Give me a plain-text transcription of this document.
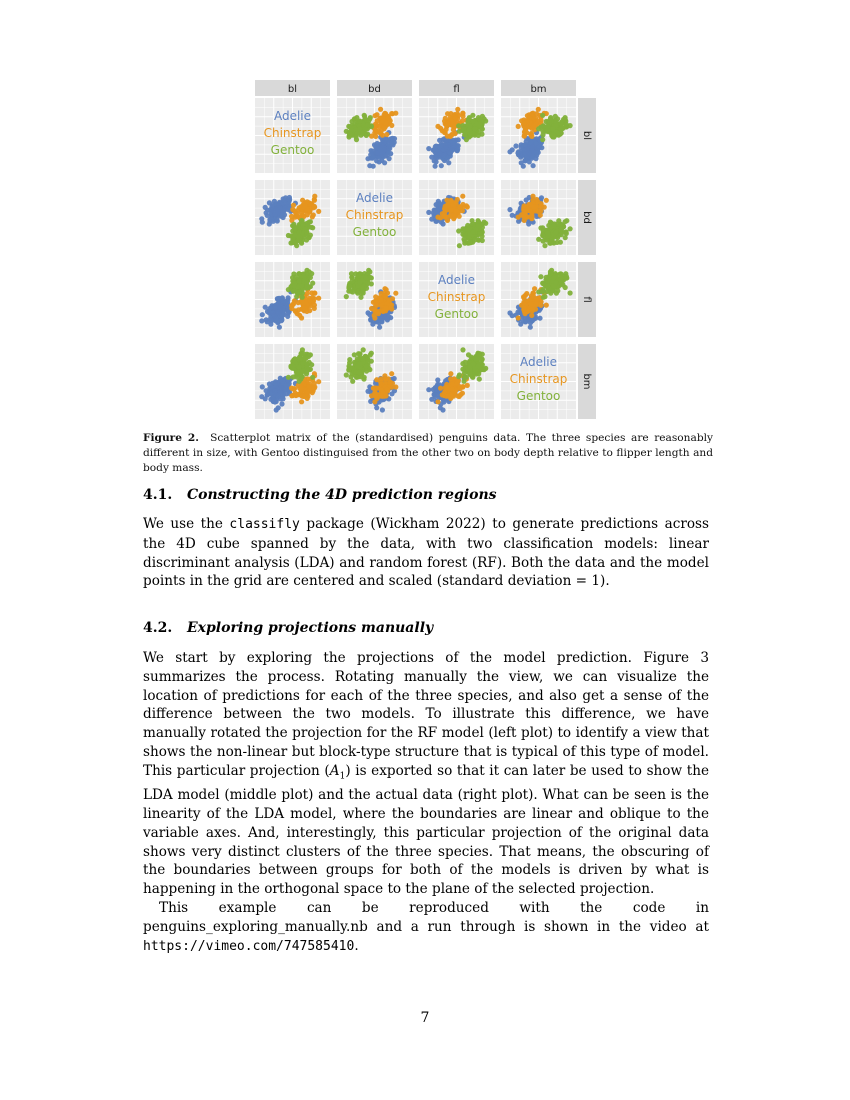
bl	bd	fl	bm
bl
bd
fl
bm
Adelie
Chinstrap
Gentoo
Adelie
Chinstrap
Gentoo
Adelie
Chinstrap
Gentoo
Adelie
Chinstrap
Gentoo
Figure 2. Scatterplot matrix of the (standardised) penguins data. The three species are reasonably different in size, with Gentoo distinguised from the other two on body depth relative to flipper length and body mass.
4.1. Constructing the 4D prediction regions

We use the classifly package (Wickham 2022) to generate predictions across the 4D cube spanned by the data, with two classification models: linear discriminant analysis (LDA) and random forest (RF). Both the data and the model points in the grid are centered and scaled (standard deviation = 1).

4.2. Exploring projections manually

We start by exploring the projections of the model prediction. Figure 3 summarizes the process. Rotating manually the view, we can visualize the location of predictions for each of the three species, and also get a sense of the difference between the two models. To illustrate this difference, we have manually rotated the projection for the RF model (left plot) to identify a view that shows the non-linear but block-type structure that is typical of this type of model. This particular projection $(A_1)$ is exported so that it can later be used to show the LDA model (middle plot) and the actual data (right plot). What can be seen is the linearity of the LDA model, where the boundaries are linear and oblique to the variable axes. And, interestingly, this particular projection of the original data shows very distinct clusters of the three species. That means, the obscuring of the boundaries between groups for both of the models is driven by what is happening in the orthogonal space to the plane of the selected projection.

This example can be reproduced with the code in penguins_exploring_manually.nb and a run through is shown in the video at https://vimeo.com/747585410.

7
